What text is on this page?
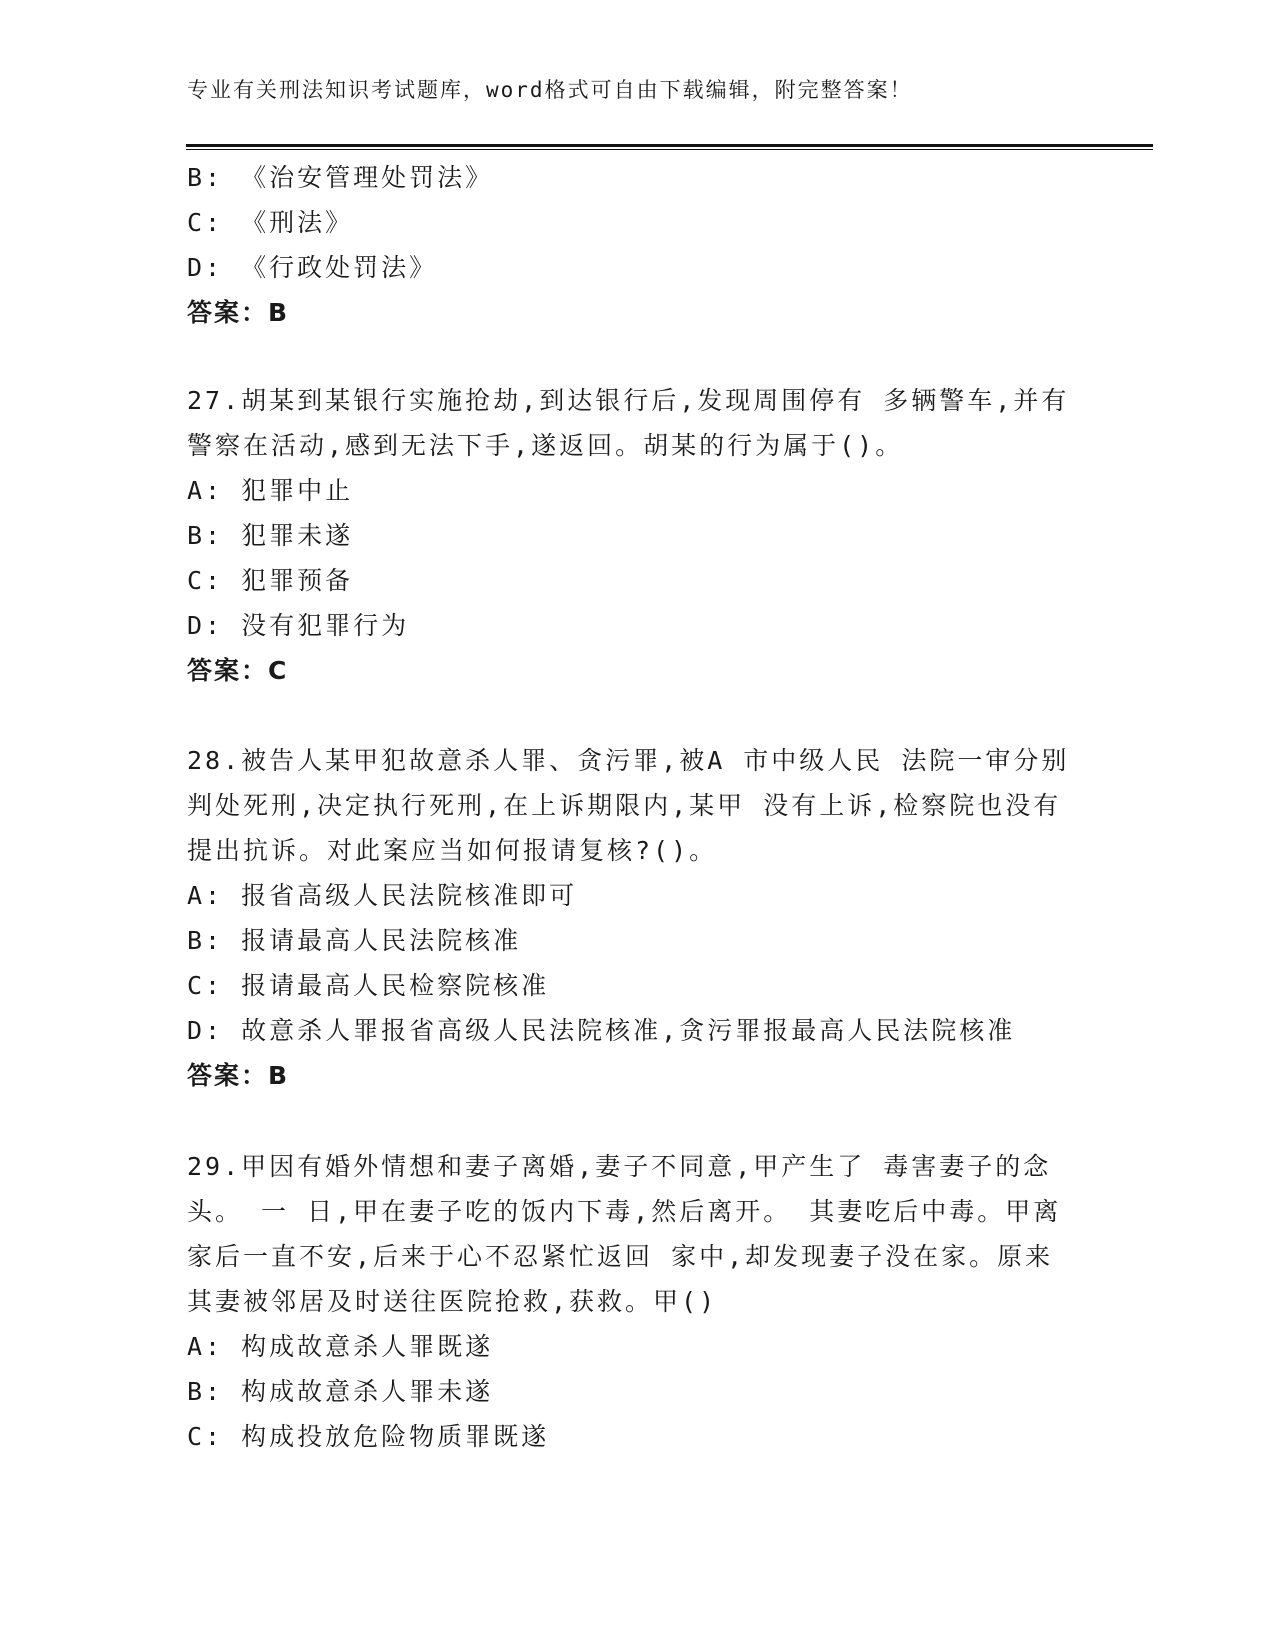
专业有关刑法知识考试题库，word格式可自由下载编辑，附完整答案！
B: 《治安管理处罚法》
C: 《刑法》
D: 《行政处罚法》
答案：B
27.胡某到某银行实施抢劫,到达银行后,发现周围停有 多辆警车,并有
警察在活动,感到无法下手,遂返回。胡某的行为属于()。
A: 犯罪中止
B: 犯罪未遂
C: 犯罪预备
D: 没有犯罪行为
答案：C
28.被告人某甲犯故意杀人罪、贪污罪,被A 市中级人民 法院一审分别
判处死刑,决定执行死刑,在上诉期限内,某甲 没有上诉,检察院也没有
提出抗诉。对此案应当如何报请复核?()。
A: 报省高级人民法院核准即可
B: 报请最高人民法院核准
C: 报请最高人民检察院核准
D: 故意杀人罪报省高级人民法院核准,贪污罪报最高人民法院核准
答案：B
29.甲因有婚外情想和妻子离婚,妻子不同意,甲产生了 毒害妻子的念
头。 一 日,甲在妻子吃的饭内下毒,然后离开。 其妻吃后中毒。甲离
家后一直不安,后来于心不忍紧忙返回 家中,却发现妻子没在家。原来
其妻被邻居及时送往医院抢救,获救。甲()
A: 构成故意杀人罪既遂
B: 构成故意杀人罪未遂
C: 构成投放危险物质罪既遂
